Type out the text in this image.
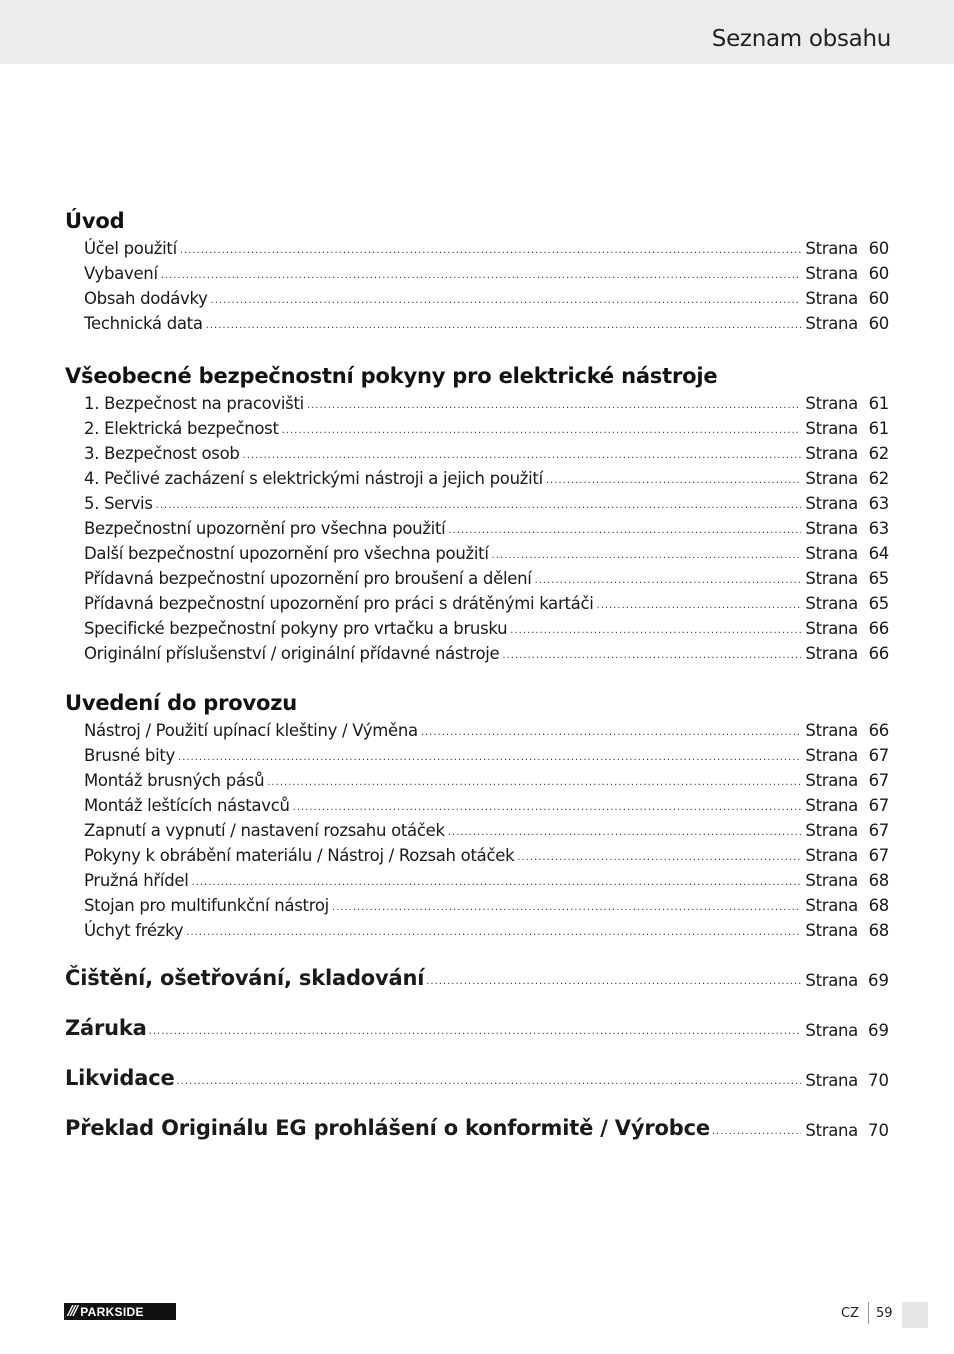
Seznam obsahu
Úvod
Účel použití .....	Strana 60
Vybavení .....	Strana 60
Obsah dodávky .....	Strana 60
Technická data .....	Strana 60
Všeobecné bezpečnostní pokyny pro elektrické nástroje
1. Bezpečnost na pracovišti .....	Strana 61
2. Elektrická bezpečnost .....	Strana 61
3. Bezpečnost osob .....	Strana 62
4. Pečlivé zacházení s elektrickými nástroji a jejich použití .....	Strana 62
5. Servis .....	Strana 63
Bezpečnostní upozornění pro všechna použití .....	Strana 63
Další bezpečnostní upozornění pro všechna použití .....	Strana 64
Přídavná bezpečnostní upozornění pro broušení a dělení .....	Strana 65
Přídavná bezpečnostní upozornění pro práci s drátěnými kartáči .....	Strana 65
Specifické bezpečnostní pokyny pro vrtačku a brusku .....	Strana 66
Originální příslušenství / originální přídavné nástroje .....	Strana 66
Uvedení do provozu
Nástroj / Použití upínací kleštiny / Výměna .....	Strana 66
Brusné bity .....	Strana 67
Montáž brusných pásů .....	Strana 67
Montáž leštících nástavců .....	Strana 67
Zapnutí a vypnutí / nastavení rozsahu otáček .....	Strana 67
Pokyny k obrábění materiálu / Nástroj / Rozsah otáček .....	Strana 67
Pružná hřídel .....	Strana 68
Stojan pro multifunkční nástroj .....	Strana 68
Úchyt frézky .....	Strana 68
Čištění, ošetřování, skladování .....	Strana 69
Záruka .....	Strana 69
Likvidace .....	Strana 70
Překlad Originálu EG prohlášení o konformitě / Výrobce .....	Strana 70
/// PARKSIDE	CZ 59
